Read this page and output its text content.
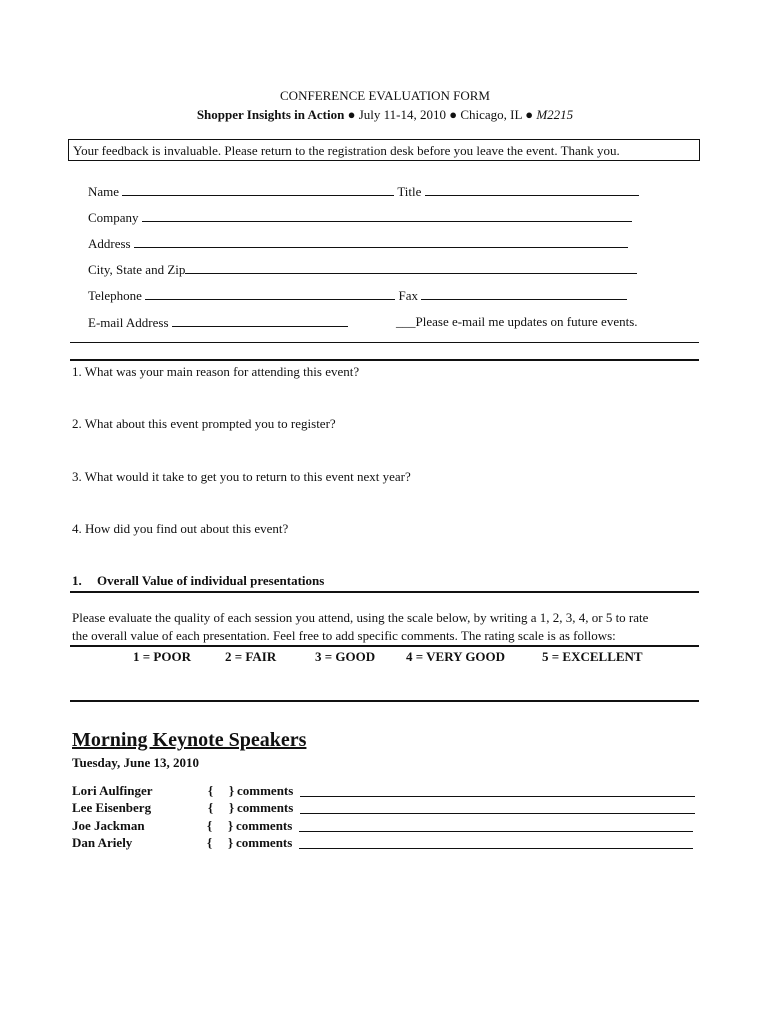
CONFERENCE EVALUATION FORM
Shopper Insights in Action ● July 11-14, 2010 ● Chicago, IL ● M2215
Your feedback is invaluable. Please return to the registration desk before you leave the event. Thank you.
Name	Title
Company
Address
City, State and Zip
Telephone	Fax
E-mail Address	___Please e-mail me updates on future events.
1. What was your main reason for attending this event?
2. What about this event prompted you to register?
3. What would it take to get you to return to this event next year?
4. How did you find out about this event?
1. Overall Value of individual presentations
Please evaluate the quality of each session you attend, using the scale below, by writing a 1, 2, 3, 4, or 5 to rate
the overall value of each presentation. Feel free to add specific comments. The rating scale is as follows:
1 = POOR	2 = FAIR	3 = GOOD 4 = VERY GOOD	5 = EXCELLENT
Morning Keynote Speakers
Tuesday, June 13, 2010
Lori Aulfinger	{ } comments
Lee Eisenberg	{ } comments
Joe Jackman	{ } comments
Dan Ariely	{ } comments
